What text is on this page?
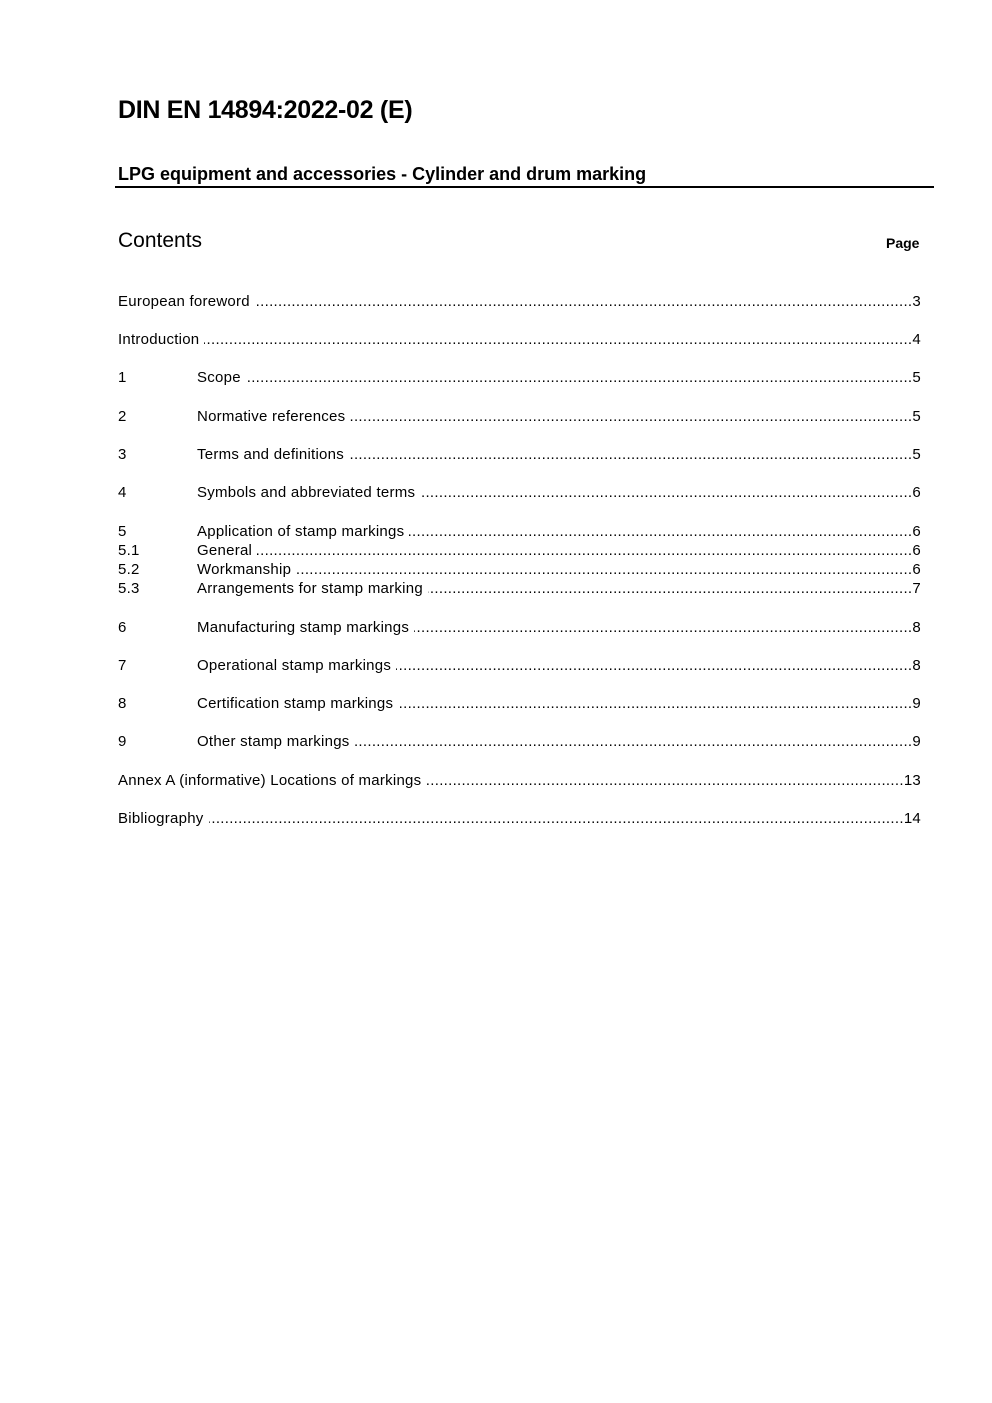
DIN EN 14894:2022-02 (E)
LPG equipment and accessories - Cylinder and drum marking
Contents	Page
European foreword .....	3
Introduction .....	4
1	Scope .....	5
2	Normative references .....	5
3	Terms and definitions .....	5
4	Symbols and abbreviated terms .....	6
5	Application of stamp markings .....	6
5.1	General .....	6
5.2	Workmanship .....	6
5.3	Arrangements for stamp marking .....	7
6	Manufacturing stamp markings .....	8
7	Operational stamp markings .....	8
8	Certification stamp markings .....	9
9	Other stamp markings .....	9
Annex A (informative) Locations of markings .....	13
Bibliography .....	14
